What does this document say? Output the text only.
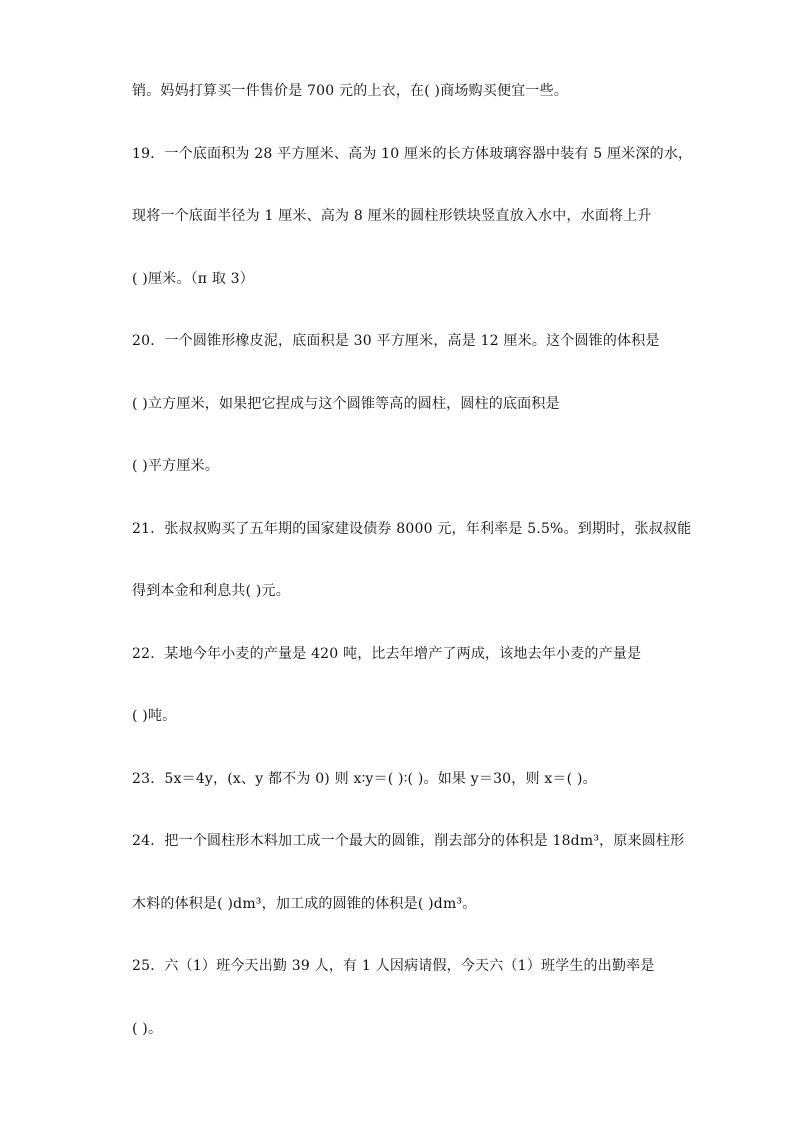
销。妈妈打算买一件售价是 700 元的上衣，在( )商场购买便宜一些。
19．一个底面积为 28 平方厘米、高为 10 厘米的长方体玻璃容器中装有 5 厘米深的水，
现将一个底面半径为 1 厘米、高为 8 厘米的圆柱形铁块竖直放入水中，水面将上升
( )厘米。（π 取 3）
20．一个圆锥形橡皮泥，底面积是 30 平方厘米，高是 12 厘米。这个圆锥的体积是
( )立方厘米，如果把它捏成与这个圆锥等高的圆柱，圆柱的底面积是
( )平方厘米。
21．张叔叔购买了五年期的国家建设债券 8000 元，年利率是 5.5%。到期时，张叔叔能
得到本金和利息共( )元。
22．某地今年小麦的产量是 420 吨，比去年增产了两成，该地去年小麦的产量是
( )吨。
23．5x＝4y，(x、y 都不为 0) 则 x∶y＝( )∶( )。如果 y＝30，则 x＝( )。
24．把一个圆柱形木料加工成一个最大的圆锥，削去部分的体积是 18dm³，原来圆柱形
木料的体积是( )dm³，加工成的圆锥的体积是( )dm³。
25．六（1）班今天出勤 39 人，有 1 人因病请假，今天六（1）班学生的出勤率是
( )。
